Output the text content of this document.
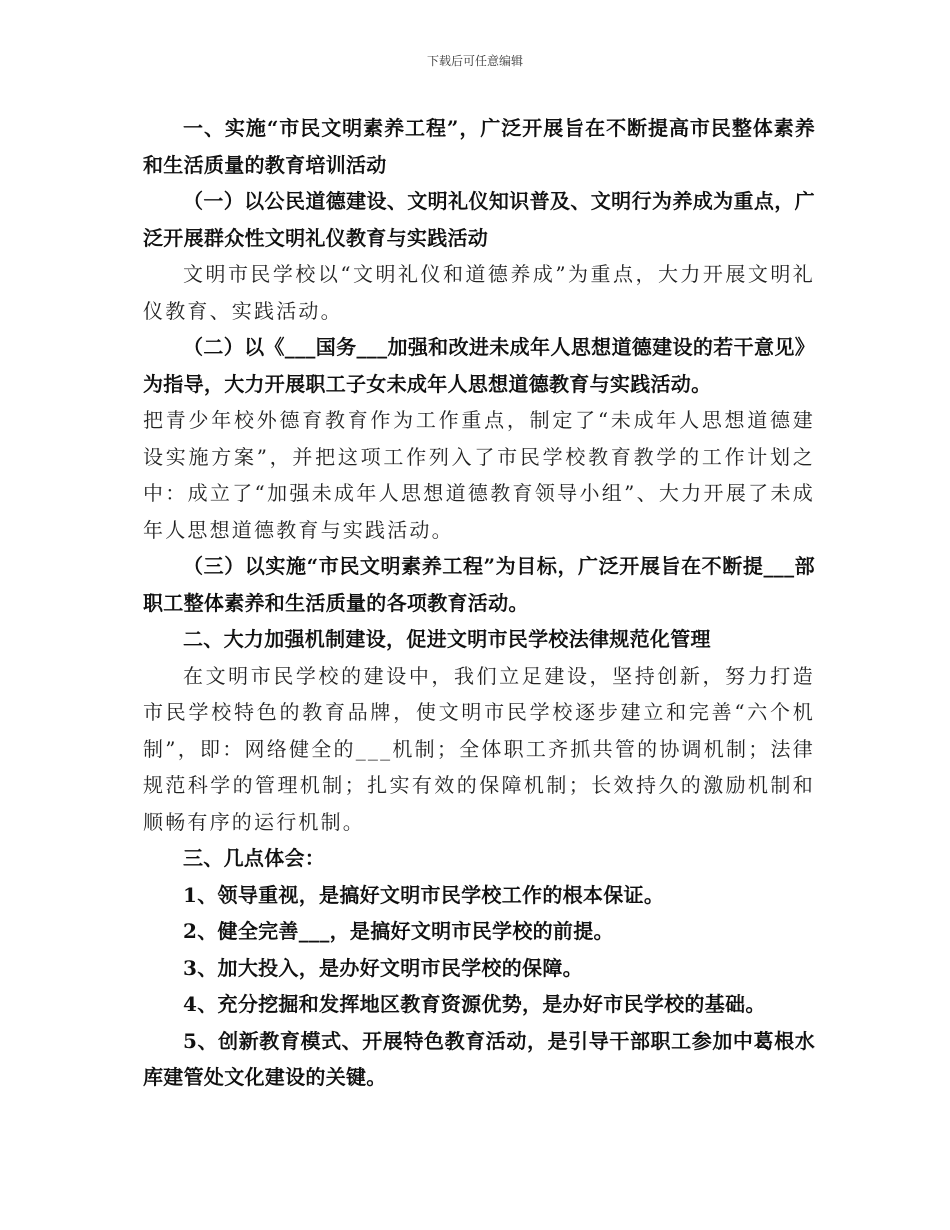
下载后可任意编辑

一、实施“市民文明素养工程”，广泛开展旨在不断提高市民整体素养和生活质量的教育培训活动

（一）以公民道德建设、文明礼仪知识普及、文明行为养成为重点，广泛开展群众性文明礼仪教育与实践活动

文明市民学校以“文明礼仪和道德养成”为重点，大力开展文明礼仪教育、实践活动。

（二）以《___国务___加强和改进未成年人思想道德建设的若干意见》为指导，大力开展职工子女未成年人思想道德教育与实践活动。

把青少年校外德育教育作为工作重点，制定了“未成年人思想道德建设实施方案”，并把这项工作列入了市民学校教育教学的工作计划之中：成立了“加强未成年人思想道德教育领导小组”、大力开展了未成年人思想道德教育与实践活动。

（三）以实施“市民文明素养工程”为目标，广泛开展旨在不断提___部职工整体素养和生活质量的各项教育活动。

二、大力加强机制建设，促进文明市民学校法律规范化管理

在文明市民学校的建设中，我们立足建设，坚持创新，努力打造市民学校特色的教育品牌，使文明市民学校逐步建立和完善“六个机制”，即：网络健全的___机制；全体职工齐抓共管的协调机制；法律规范科学的管理机制；扎实有效的保障机制；长效持久的激励机制和顺畅有序的运行机制。

三、几点体会：

1、领导重视，是搞好文明市民学校工作的根本保证。

2、健全完善___，是搞好文明市民学校的前提。

3、加大投入，是办好文明市民学校的保障。

4、充分挖掘和发挥地区教育资源优势，是办好市民学校的基础。

5、创新教育模式、开展特色教育活动，是引导干部职工参加中葛根水库建管处文化建设的关键。
